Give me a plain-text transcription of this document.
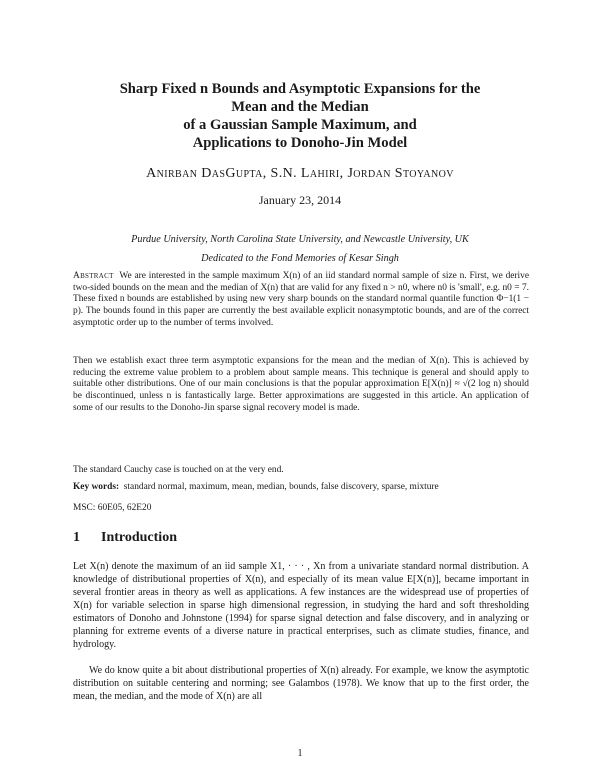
Sharp Fixed n Bounds and Asymptotic Expansions for the
Mean and the Median
of a Gaussian Sample Maximum, and
Applications to Donoho-Jin Model
Anirban DasGupta, S.N. Lahiri, Jordan Stoyanov
January 23, 2014
Purdue University, North Carolina State University, and Newcastle University, UK
Dedicated to the Fond Memories of Kesar Singh

Abstract We are interested in the sample maximum X(n) of an iid standard normal sample of size n. First, we derive two-sided bounds on the mean and the median of X(n) that are valid for any fixed n > n0, where n0 is 'small', e.g. n0 = 7. These fixed n bounds are established by using new very sharp bounds on the standard normal quantile function Φ−1(1 − p). The bounds found in this paper are currently the best available explicit nonasymptotic bounds, and are of the correct asymptotic order up to the number of terms involved.

Then we establish exact three term asymptotic expansions for the mean and the median of X(n). This is achieved by reducing the extreme value problem to a problem about sample means. This technique is general and should apply to suitable other distributions. One of our main conclusions is that the popular approximation E[X(n)] ≈ √(2 log n) should be discontinued, unless n is fantastically large. Better approximations are suggested in this article. An application of some of our results to the Donoho-Jin sparse signal recovery model is made.

The standard Cauchy case is touched on at the very end.

Key words: standard normal, maximum, mean, median, bounds, false discovery, sparse, mixture
MSC: 60E05, 62E20
1 Introduction

Let X(n) denote the maximum of an iid sample X1, · · · , Xn from a univariate standard normal distribution. A knowledge of distributional properties of X(n), and especially of its mean value E[X(n)], became important in several frontier areas in theory as well as applications. A few instances are the widespread use of properties of X(n) for variable selection in sparse high dimensional regression, in studying the hard and soft thresholding estimators of Donoho and Johnstone (1994) for sparse signal detection and false discovery, and in analyzing or planning for extreme events of a diverse nature in practical enterprises, such as climate studies, finance, and hydrology.

We do know quite a bit about distributional properties of X(n) already. For example, we know the asymptotic distribution on suitable centering and norming; see Galambos (1978). We know that up to the first order, the mean, the median, and the mode of X(n) are all

1
